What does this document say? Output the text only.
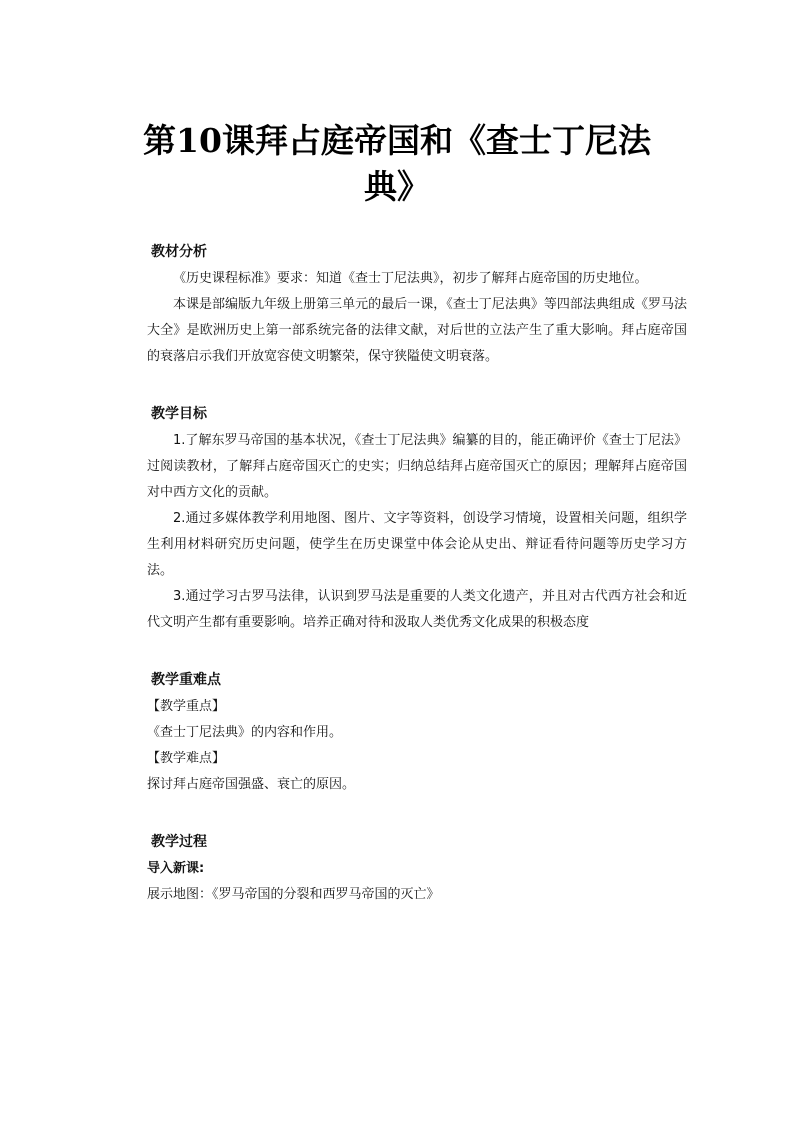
第10课拜占庭帝国和《查士丁尼法典》

教材分析

《历史课程标准》要求：知道《查士丁尼法典》，初步了解拜占庭帝国的历史地位。

本课是部编版九年级上册第三单元的最后一课，《查士丁尼法典》等四部法典组成《罗马法大全》是欧洲历史上第一部系统完备的法律文献，对后世的立法产生了重大影响。拜占庭帝国的衰落启示我们开放宽容使文明繁荣，保守狭隘使文明衰落。

教学目标

1.了解东罗马帝国的基本状况，《查士丁尼法典》编纂的目的，能正确评价《查士丁尼法》过阅读教材，了解拜占庭帝国灭亡的史实；归纳总结拜占庭帝国灭亡的原因；理解拜占庭帝国对中西方文化的贡献。

2.通过多媒体教学利用地图、图片、文字等资料，创设学习情境，设置相关问题，组织学生利用材料研究历史问题，使学生在历史课堂中体会论从史出、辩证看待问题等历史学习方法。

3.通过学习古罗马法律，认识到罗马法是重要的人类文化遗产，并且对古代西方社会和近代文明产生都有重要影响。培养正确对待和汲取人类优秀文化成果的积极态度

教学重难点

【教学重点】

《查士丁尼法典》的内容和作用。

【教学难点】

探讨拜占庭帝国强盛、衰亡的原因。

教学过程

导入新课:

展示地图：《罗马帝国的分裂和西罗马帝国的灭亡》
